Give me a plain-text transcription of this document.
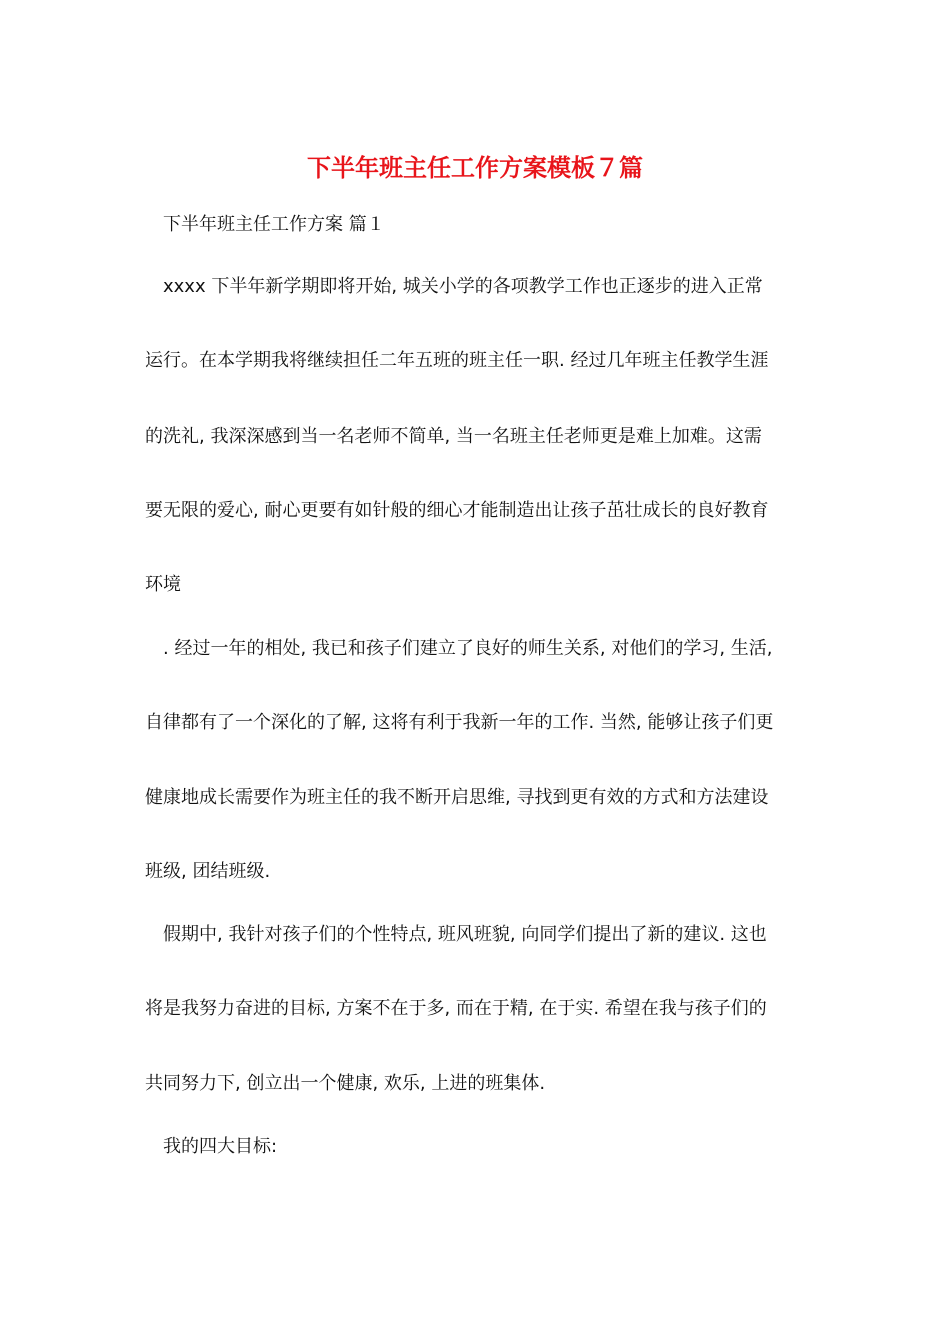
下半年班主任工作方案模板７篇
下半年班主任工作方案 篇１
xxxx 下半年新学期即将开始, 城关小学的各项教学工作也正逐步的进入正常
运行。在本学期我将继续担任二年五班的班主任一职. 经过几年班主任教学生涯
的洗礼, 我深深感到当一名老师不简单, 当一名班主任老师更是难上加难。这需
要无限的爱心, 耐心更要有如针般的细心才能制造出让孩子茁壮成长的良好教育
环境
. 经过一年的相处, 我已和孩子们建立了良好的师生关系, 对他们的学习, 生活,
自律都有了一个深化的了解, 这将有利于我新一年的工作. 当然, 能够让孩子们更
健康地成长需要作为班主任的我不断开启思维, 寻找到更有效的方式和方法建设
班级, 团结班级.
假期中, 我针对孩子们的个性特点, 班风班貌, 向同学们提出了新的建议. 这也
将是我努力奋进的目标, 方案不在于多, 而在于精, 在于实. 希望在我与孩子们的
共同努力下, 创立出一个健康, 欢乐, 上进的班集体.
我的四大目标:
